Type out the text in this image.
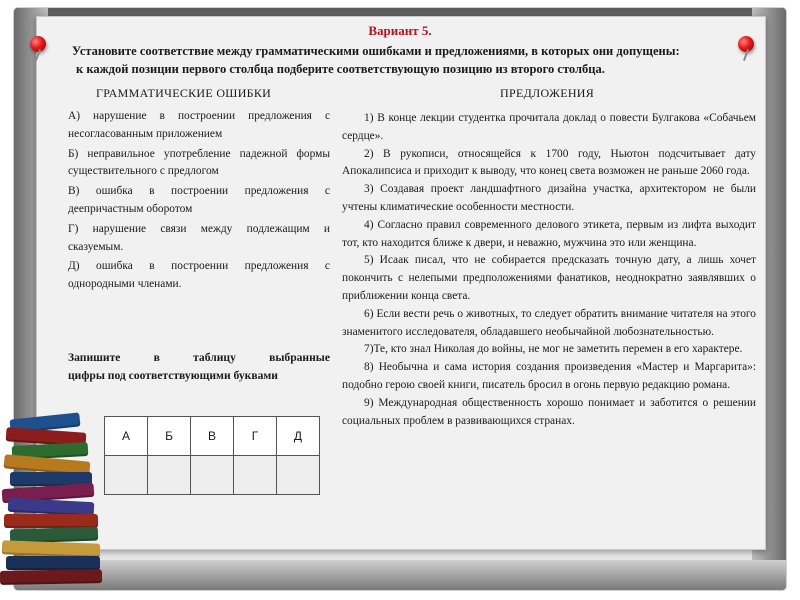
Вариант 5.
Установите соответствие между грамматическими ошибками и предложениями, в которых они допущены:
к каждой позиции первого столбца подберите соответствующую позицию из второго столбца.
ГРАММАТИЧЕСКИЕ ОШИБКИ	ПРЕДЛОЖЕНИЯ
А) нарушение в построении предложения с несогласованным приложением
Б) неправильное употребление падежной формы существительного с предлогом
В) ошибка в построении предложения с деепричастным оборотом
Г) нарушение связи между подлежащим и сказуемым.
Д) ошибка в построении предложения с однородными членами.
1) В конце лекции студентка прочитала доклад о повести Булгакова «Собачьем сердце».
2) В рукописи, относящейся к 1700 году, Ньютон подсчитывает дату Апокалипсиса и приходит к выводу, что конец света возможен не раньше 2060 года.
3) Создавая проект ландшафтного дизайна участка, архитектором не были учтены климатические особенности местности.
4) Согласно правил современного делового этикета, первым из лифта выходит тот, кто находится ближе к двери, и неважно, мужчина это или женщина.
5) Исаак писал, что не собирается предсказать точную дату, а лишь хочет покончить с нелепыми предположениями фанатиков, неоднократно заявлявших о приближении конца света.
6) Если вести речь о животных, то следует обратить внимание читателя на этого знаменитого исследователя, обладавшего необычайной любознательностью.
7)Те, кто знал Николая до войны, не мог не заметить перемен в его характере.
8) Необычна и сама история создания произведения «Мастер и Маргарита»: подобно герою своей книги, писатель бросил в огонь первую редакцию романа.
9) Международная общественность хорошо понимает и заботится о решении социальных проблем в развивающихся странах.
Запишите в таблицу выбранные
цифры под соответствующими буквами
А	Б	В	Г	Д
